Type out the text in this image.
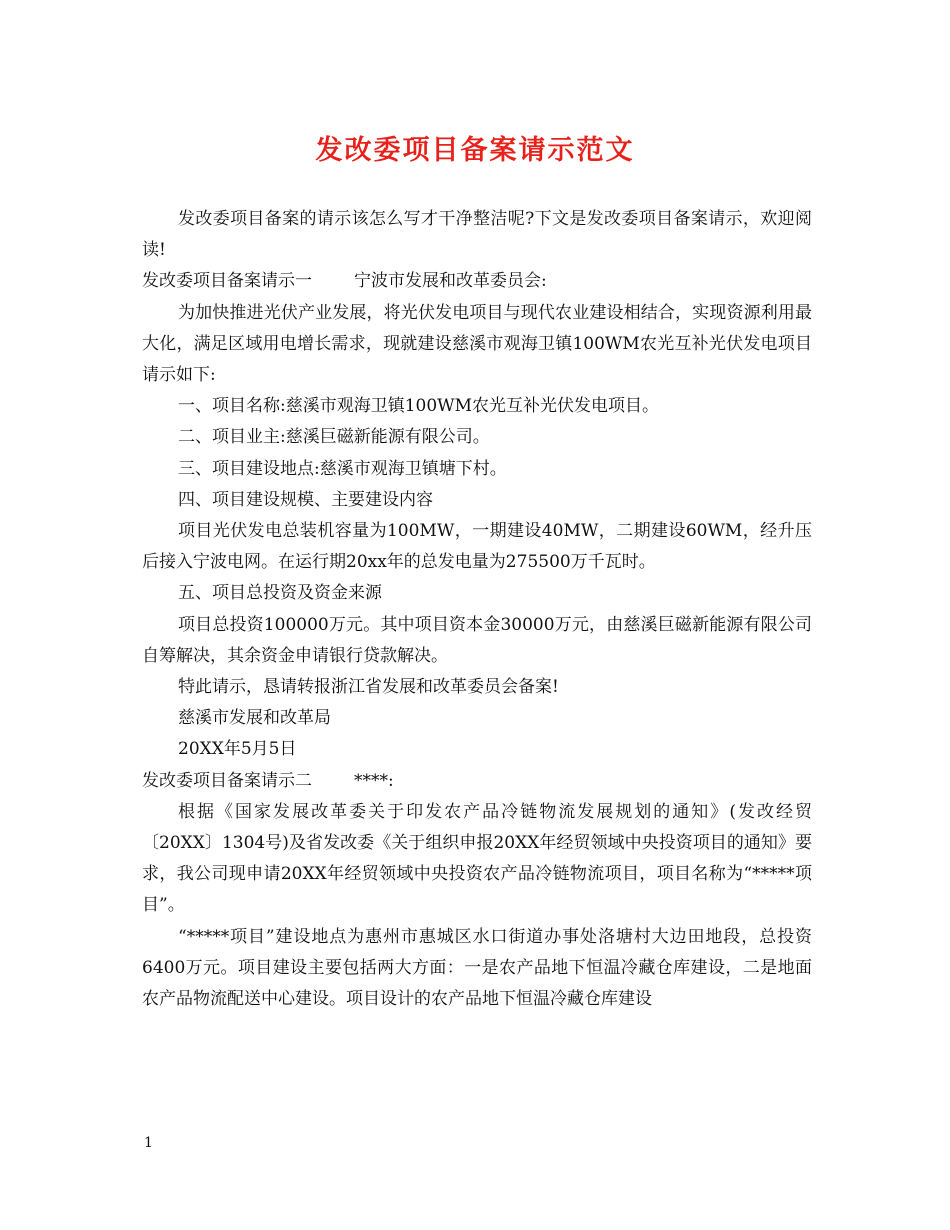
发改委项目备案请示范文

发改委项目备案的请示该怎么写才干净整洁呢?下文是发改委项目备案请示，欢迎阅读!

发改委项目备案请示一 宁波市发展和改革委员会:

为加快推进光伏产业发展，将光伏发电项目与现代农业建设相结合，实现资源利用最大化，满足区域用电增长需求，现就建设慈溪市观海卫镇100WM农光互补光伏发电项目请示如下:

一、项目名称:慈溪市观海卫镇100WM农光互补光伏发电项目。

二、项目业主:慈溪巨磁新能源有限公司。

三、项目建设地点:慈溪市观海卫镇塘下村。

四、项目建设规模、主要建设内容

项目光伏发电总装机容量为100MW，一期建设40MW，二期建设60WM，经升压后接入宁波电网。在运行期20xx年的总发电量为275500万千瓦时。

五、项目总投资及资金来源

项目总投资100000万元。其中项目资本金30000万元，由慈溪巨磁新能源有限公司自筹解决，其余资金申请银行贷款解决。

特此请示，恳请转报浙江省发展和改革委员会备案!

慈溪市发展和改革局

20XX年5月5日

发改委项目备案请示二 ****:

根据《国家发展改革委关于印发农产品冷链物流发展规划的通知》(发改经贸〔20XX〕1304号)及省发改委《关于组织申报20XX年经贸领域中央投资项目的通知》要求，我公司现申请20XX年经贸领域中央投资农产品冷链物流项目，项目名称为“*****项目”。

“*****项目”建设地点为惠州市惠城区水口街道办事处洛塘村大边田地段，总投资6400万元。项目建设主要包括两大方面：一是农产品地下恒温冷藏仓库建设，二是地面农产品物流配送中心建设。项目设计的农产品地下恒温冷藏仓库建设

1
